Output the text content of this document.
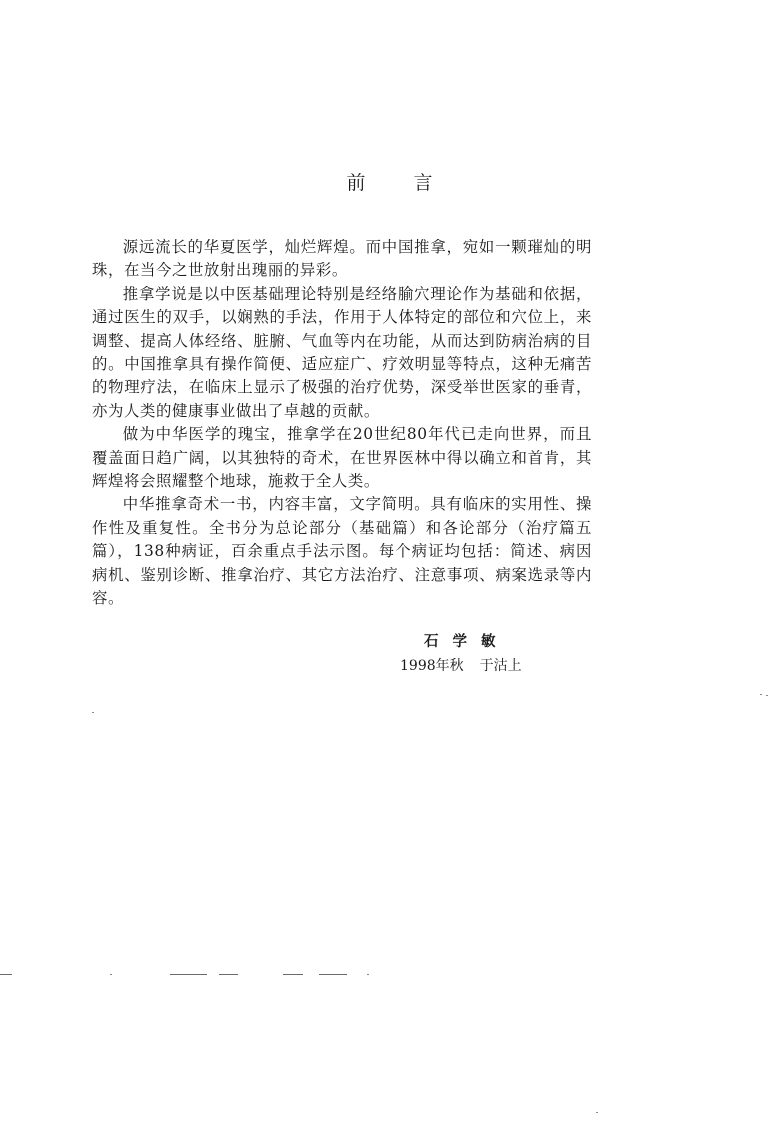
前	言

源远流长的华夏医学，灿烂辉煌。而中国推拿，宛如一颗璀灿的明珠，在当今之世放射出瑰丽的异彩。

推拿学说是以中医基础理论特别是经络腧穴理论作为基础和依据，通过医生的双手，以娴熟的手法，作用于人体特定的部位和穴位上，来调整、提高人体经络、脏腑、气血等内在功能，从而达到防病治病的目的。中国推拿具有操作简便、适应症广、疗效明显等特点，这种无痛苦的物理疗法，在临床上显示了极强的治疗优势，深受举世医家的垂青，亦为人类的健康事业做出了卓越的贡献。

做为中华医学的瑰宝，推拿学在20世纪80年代已走向世界，而且覆盖面日趋广阔，以其独特的奇术，在世界医林中得以确立和首肯，其辉煌将会照耀整个地球，施救于全人类。

中华推拿奇术一书，内容丰富，文字简明。具有临床的实用性、操作性及重复性。全书分为总论部分（基础篇）和各论部分（治疗篇五篇），138种病证，百余重点手法示图。每个病证均包括：简述、病因病机、鉴别诊断、推拿治疗、其它方法治疗、注意事项、病案选录等内容。

石学敏
1998年秋 于沽上
